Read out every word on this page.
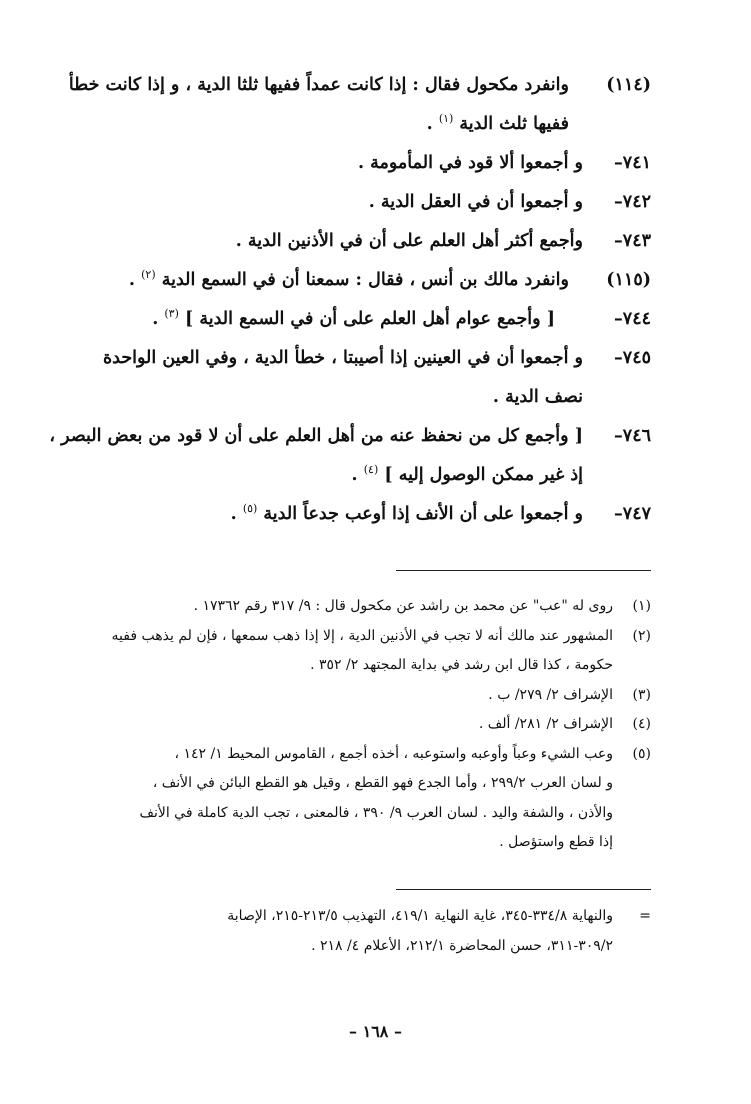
(١١٤)
وانفرد مكحول فقال : إذا كانت عمداً ففيها ثلثا الدية ، و إذا كانت خطأ
ففيها ثلث الدية $^{(١)}$ .
٧٤١–
و أجمعوا ألا قود في المأمومة .
٧٤٢–
و أجمعوا أن في العقل الدية .
٧٤٣–
وأجمع أكثر أهل العلم على أن في الأذنين الدية .
(١١٥)
وانفرد مالك بن أنس ، فقال : سمعنا أن في السمع الدية $^{(٢)}$ .
٧٤٤–
[ وأجمع عوام أهل العلم على أن في السمع الدية ] $^{(٣)}$ .
٧٤٥–
و أجمعوا أن في العينين إذا أصيبتا ، خطأ الدية ، وفي العين الواحدة
نصف الدية .
٧٤٦–
[ وأجمع كل من نحفظ عنه من أهل العلم على أن لا قود من بعض البصر ،
إذ غير ممكن الوصول إليه ] $^{(٤)}$ .
٧٤٧–
و أجمعوا على أن الأنف إذا أوعب جدعاً الدية $^{(٥)}$ .
(١)
روى له "عب" عن محمد بن راشد عن مكحول قال : ٩/ ٣١٧ رقم ١٧٣٦٢ .
(٢)
المشهور عند مالك أنه لا تجب في الأذنين الدية ، إلا إذا ذهب سمعها ، فإن لم يذهب ففيه
حكومة ، كذا قال ابن رشد في بداية المجتهد ٢/ ٣٥٢ .
(٣)
الإشراف ٢/ ٢٧٩/ ب .
(٤)
الإشراف ٢/ ٢٨١/ ألف .
(٥)
وعب الشيء وعباً وأوعبه واستوعبه ، أخذه أجمع ، القاموس المحيط ١/ ١٤٢ ،
و لسان العرب ٢٩٩/٢ ، وأما الجدع فهو القطع ، وقيل هو القطع البائن في الأنف ،
والأذن ، والشفة واليد . لسان العرب ٩/ ٣٩٠ ، فالمعنى ، تجب الدية كاملة في الأنف
إذا قطع واستؤصل .
=
والنهاية ٣٣٤/٨-٣٤٥، غاية النهاية ٤١٩/١، التهذيب ٢١٣/٥-٢١٥، الإصابة
٣٠٩/٢-٣١١، حسن المحاضرة ٢١٢/١، الأعلام ٤/ ٢١٨ .
– ١٦٨ –
